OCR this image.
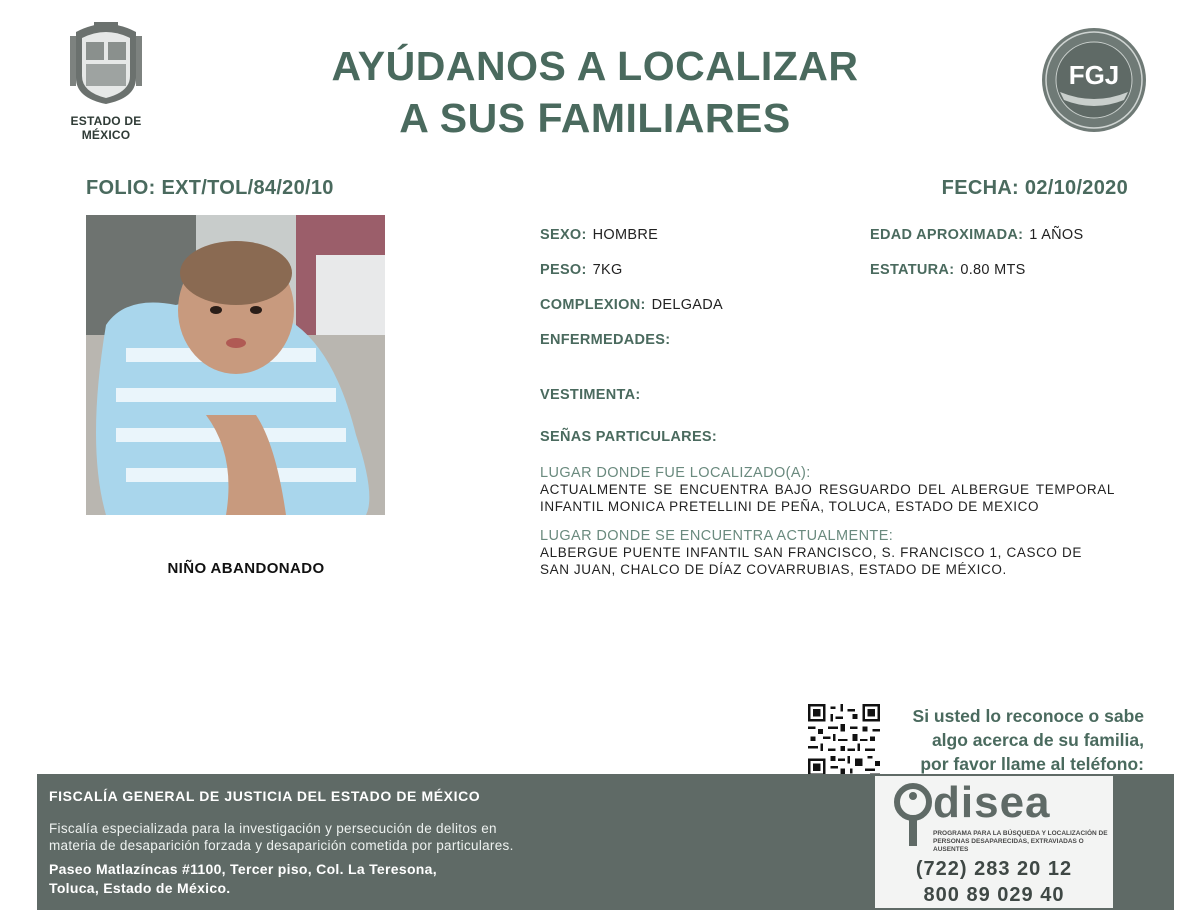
ESTADO DE MÉXICO
AYÚDANOS A LOCALIZAR
A SUS FAMILIARES
FGJ
FOLIO: EXT/TOL/84/20/10	FECHA: 02/10/2020
NIÑO ABANDONADO
SEXO: HOMBRE	EDAD APROXIMADA: 1 AÑOS
PESO: 7KG	ESTATURA: 0.80 MTS
COMPLEXION: DELGADA
ENFERMEDADES:
VESTIMENTA:
SEÑAS PARTICULARES:
LUGAR DONDE FUE LOCALIZADO(A):
ACTUALMENTE SE ENCUENTRA BAJO RESGUARDO DEL ALBERGUE TEMPORAL INFANTIL MONICA PRETELLINI DE PEÑA, TOLUCA, ESTADO DE MEXICO
LUGAR DONDE SE ENCUENTRA ACTUALMENTE:
ALBERGUE PUENTE INFANTIL SAN FRANCISCO, S. FRANCISCO 1, CASCO DE SAN JUAN, CHALCO DE DÍAZ COVARRUBIAS, ESTADO DE MÉXICO.
Si usted lo reconoce o sabe
algo acerca de su familia,
por favor llame al teléfono:
FISCALÍA GENERAL DE JUSTICIA DEL ESTADO DE MÉXICO
Fiscalía especializada para la investigación y persecución de delitos en
materia de desaparición forzada y desaparición cometida por particulares.
Paseo Matlazíncas #1100, Tercer piso, Col. La Teresona,
Toluca, Estado de México.
disea
PROGRAMA PARA LA BÚSQUEDA Y LOCALIZACIÓN DE PERSONAS DESAPARECIDAS, EXTRAVIADAS O AUSENTES
(722) 283 20 12
800 89 029 40
